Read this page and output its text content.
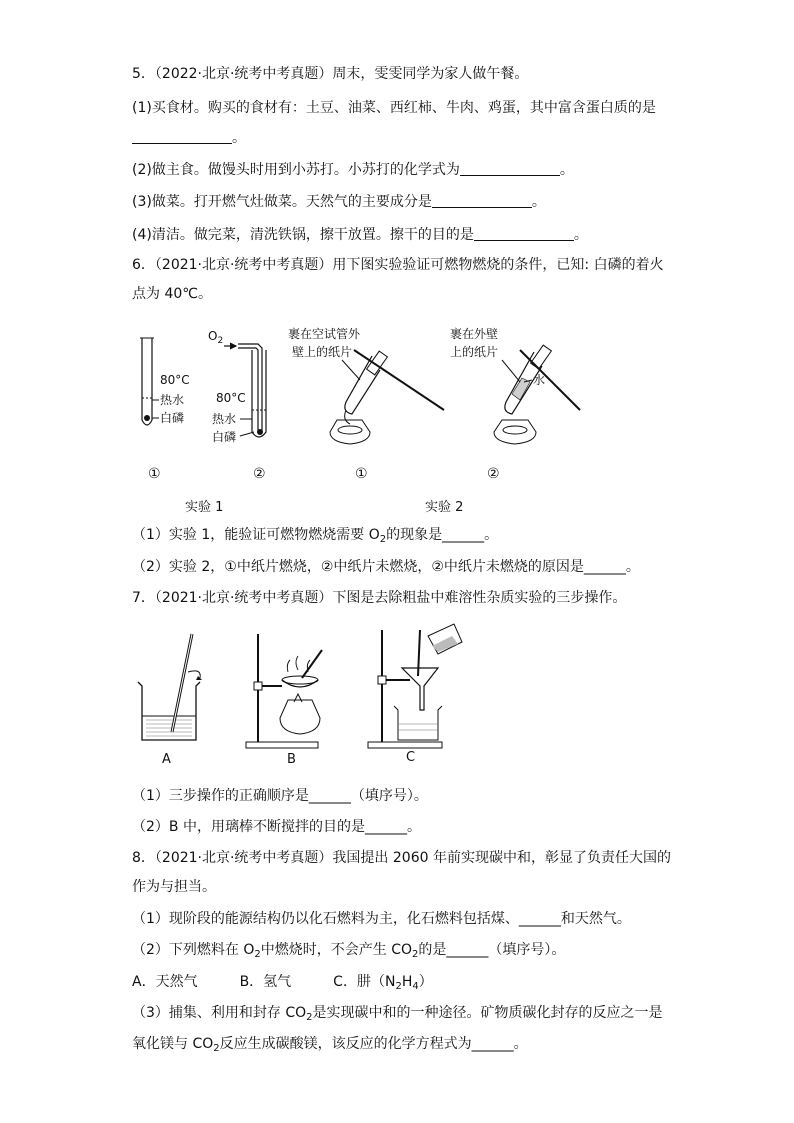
5．（2022·北京·统考中考真题）周末，雯雯同学为家人做午餐。
(1)买食材。购买的食材有：土豆、油菜、西红柿、牛肉、鸡蛋，其中富含蛋白质的是
。
(2)做主食。做馒头时用到小苏打。小苏打的化学式为	。
(3)做菜。打开燃气灶做菜。天然气的主要成分是	。
(4)清洁。做完菜，清洗铁锅，擦干放置。擦干的目的是	。
6．（2021·北京·统考中考真题）用下图实验验证可燃物燃烧的条件，已知: 白磷的着火
点为 40℃。
80°C
热水
白磷
$O_2$
80°C
热水
白磷
裹在空试管外
壁上的纸片
裹在外壁
上的纸片
水
①	②	①	②
实验 1	实验 2
（1）实验 1，能验证可燃物燃烧需要 $O_2$的现象是______。
（2）实验 2，①中纸片燃烧，②中纸片未燃烧，②中纸片未燃烧的原因是______。
7．（2021·北京·统考中考真题）下图是去除粗盐中难溶性杂质实验的三步操作。
A	B	C
（1）三步操作的正确顺序是______（填序号）。
（2）B 中，用璃棒不断搅拌的目的是______。
8．（2021·北京·统考中考真题）我国提出 2060 年前实现碳中和，彰显了负责任大国的
作为与担当。
（1）现阶段的能源结构仍以化石燃料为主，化石燃料包括煤、______和天然气。
（2）下列燃料在 $O_2$中燃烧时，不会产生 $CO_2$的是______（填序号）。
A．天然气　　　B．氢气　　　C．肼$(N_2H_4)$
（3）捕集、利用和封存 $CO_2$是实现碳中和的一种途径。矿物质碳化封存的反应之一是
氧化镁与 $CO_2$反应生成碳酸镁，该反应的化学方程式为______。
